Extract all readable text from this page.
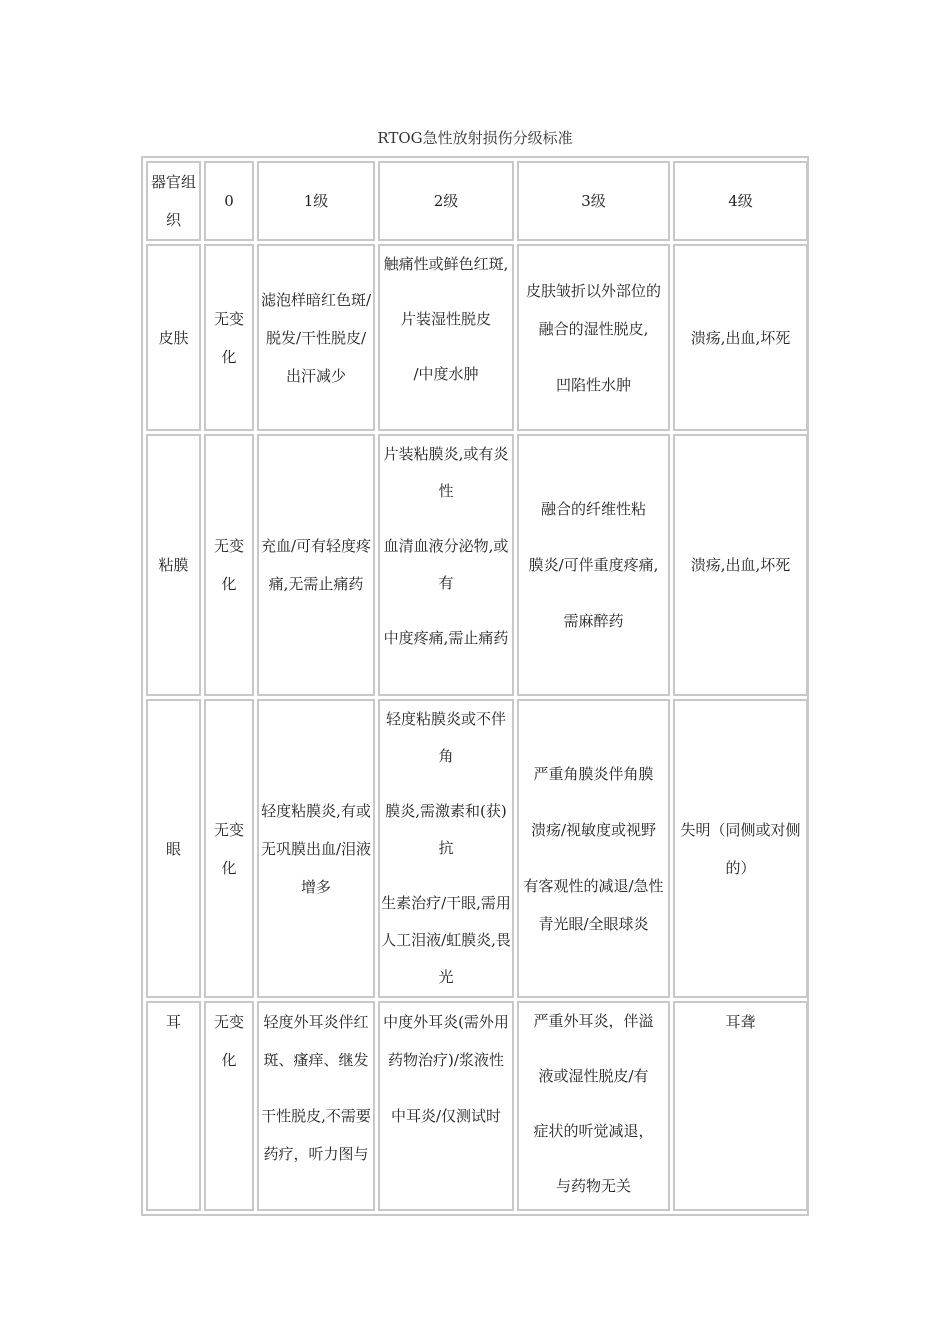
RTOG急性放射损伤分级标准
器官组织	0	1级	2级	3级	4级
皮肤	无变化	滤泡样暗红色斑/脱发/干性脱皮/出汗减少	触痛性或鲜色红斑,
片装湿性脱皮
/中度水肿	皮肤皱折以外部位的融合的湿性脱皮,
凹陷性水肿	溃疡,出血,坏死

粘膜	无变化	充血/可有轻度疼痛,无需止痛药	片装粘膜炎,或有炎性
血清血液分泌物,或有
中度疼痛,需止痛药	融合的纤维性粘
膜炎/可伴重度疼痛,
需麻醉药	溃疡,出血,坏死

眼	无变化	轻度粘膜炎,有或无巩膜出血/泪液增多	轻度粘膜炎或不伴角
膜炎,需激素和(获)抗
生素治疗/干眼,需用人工泪液/虹膜炎,畏光	严重角膜炎伴角膜
溃疡/视敏度或视野
有客观性的减退/急性青光眼/全眼球炎	失明（同侧或对侧的）

耳	无变化	轻度外耳炎伴红斑、瘙痒、继发
干性脱皮,不需要药疗，听力图与	中度外耳炎(需外用药物治疗)/浆液性
中耳炎/仅测试时	严重外耳炎，伴溢
液或湿性脱皮/有
症状的听觉减退，
与药物无关	耳聋
